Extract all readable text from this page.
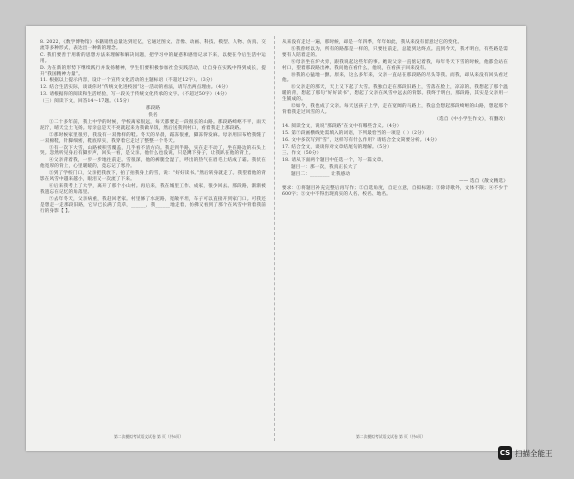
8. 2022，《数学博物馆》书籍销售总量达到近亿，它通过图文、音像、动画、科技、模型、人物、仿真、交流等多种形式，表达出一种新的理念。

C. 我们要善于用新的思想方法来理解和解决问题，把学习中的疑惑和感悟记录下来，以便在今后生活中运用。

D. 为在新的形势下继续践行并发扬精神，学生们要积极参加社会实践活动，让自身在实践中得到成长，提升“我国精神力量”。

11. 根据以上提示内容，设计一个宣传文化活动的主题标语（不超过12字）。（3分）

12. 结合生活实际，谈谈你对“传统文化进校园”这一活动的看法，请写出两点理由。（4分）

13. 请根据你的阅读和生活经验，写一段关于传统文化传承的文字。（不超过50字）（4分）

（三）阅读下文，回答14～17题。（15分）

那段路

佚名

①二十多年前，我上中学的时候，学校离家很远，每天都要走一段很长的山路。那段路崎岖不平，雨天泥泞，晴天尘土飞扬。母亲总是天不亮就起来为我做早饭，然后送我到村口，看着我走上那段路。

②那时候家里很穷，我没有一双像样的鞋。冬天的早晨，霜冻很重，脚冻得发麻。母亲用旧布给我缝了一双棉鞋，针脚细密，鞋底厚实，我穿着它走过了整整一个冬天。

③有一次下大雪，山路被积雪覆盖，几乎看不清方向。我走到半路，实在走不动了，坐在路边的石头上哭。忽然听见身后有脚步声，回头一看，是父亲。他什么也没说，只是蹲下身子，让我趴在他的背上。

④父亲背着我，一步一步地往前走。雪很深，他的裤腿全湿了，呼出的热气在眉毛上结成了霜。我伏在他宽厚的背上，心里暖暖的，竟忘记了寒冷。

⑤到了学校门口，父亲把我放下，拍了拍我身上的雪，说：“好好读书。”然后转身就走了。我望着他的背影在风雪中越来越小，眼泪又一次流了下来。

⑥后来我考上了大学，离开了那个小山村。再后来，我在城里工作、成家，很少回去。那段路，渐渐被我遗忘在记忆的角落里。

⑦去年冬天，父亲病重，我赶回老家。村里修了水泥路，宽敞平坦，车子可以直接开到家门口。可我还是想走一走那段旧路，它早已长满了荒草，______，我______地走着，仿佛又看到了那个在风雪中背着我前行的身影【 】。

从来没有走过一遍，那时候，却是一年四季，年年如此，我从来没有留意过它的变化。

⑧我曾经以为，所有的路都是一样的，只要往前走，总能到达终点。直到今天，我才明白，有些路是需要有人陪着走的。

⑨母亲坐在炉火旁，跟我说起这些年的事。她说父亲一直惦记着我，每年冬天下雪的时候，他都会站在村口，望着那段路出神。我问他在看什么，他说，在看孩子回来没有。

⑩我的心猛地一颤。原来，这么多年来，父亲一直站在那段路的尽头等我。而我，却从来没有回头看过他。

⑪父亲走的那天，天上又下起了大雪。我独自走在那段旧路上，雪落在脸上，凉凉的。我想起了那个温暖的背，想起了那句“好好读书”，想起了父亲在风雪中远去的背影。我终于明白，那段路，其实是父亲用一生铺成的。

⑫如今，我也成了父亲。每天送孩子上学，走在宽阔的马路上，我总会想起那段崎岖的山路，想起那个背着我走过风雪的人。

（选自《中小学生作文》，有删改）

14. 阅读全文，说说“那段路”在文中有哪些含义。（4分）

15. 第⑦段画横线处需填入的词语，下列最恰当的一项是（ ）（2分）

16. 文中多次写到“雪”，这样写有什么作用？请结合全文简要分析。（4分）

17. 结合全文，谈谈你对文章结尾句的理解。（5分）

三、作文（50分）

18. 请从下面两个题目中任选一个，写一篇文章。

题目一：那一次，我真正长大了

题目二：________ 让我感动

—— 选自《散文精选》

要求：①将题目补充完整后再写作；②自选角度，自定立意，自拟标题；③除诗歌外，文体不限；④不少于600字；⑤文中不得出现真实的人名、校名、地名。

第二次模拟考试语文试卷 第 页（共6页）	第二次模拟考试语文试卷 第 页（共6页）
CS 扫描全能王
